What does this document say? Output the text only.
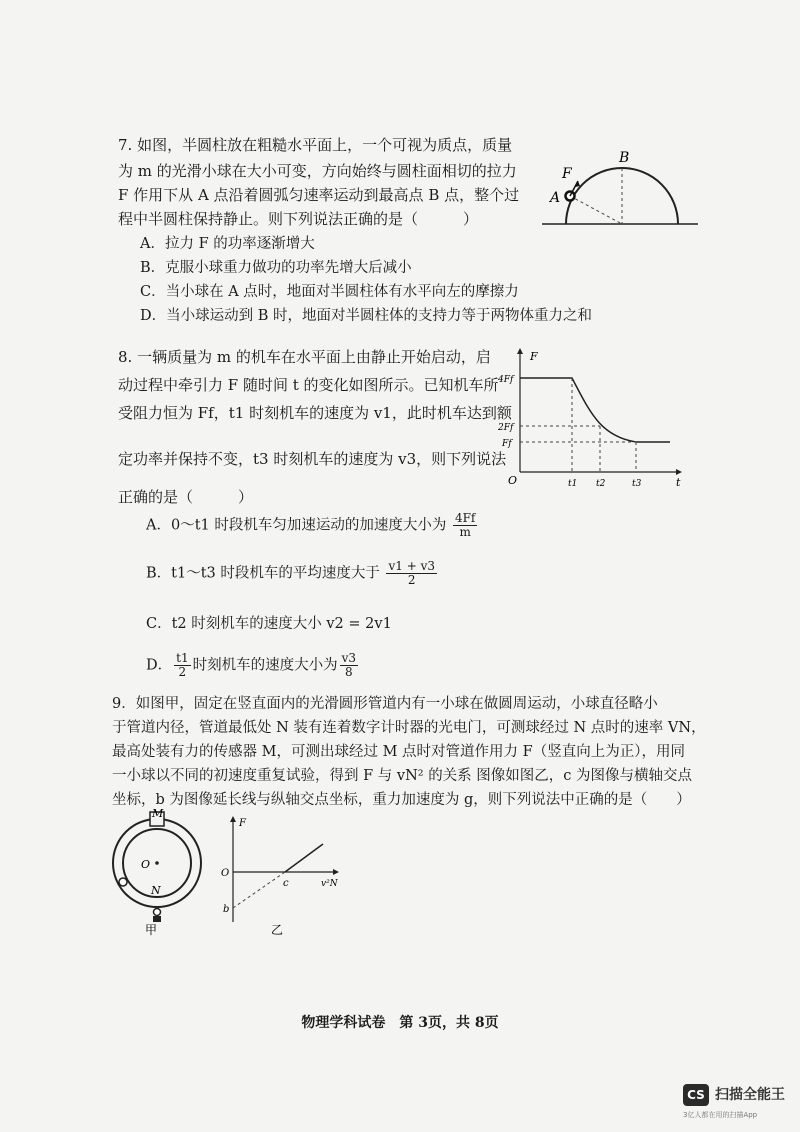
7. 如图，半圆柱放在粗糙水平面上，一个可视为质点，质量
为 m 的光滑小球在大小可变，方向始终与圆柱面相切的拉力
F 作用下从 A 点沿着圆弧匀速率运动到最高点 B 点，整个过
程中半圆柱保持静止。则下列说法正确的是（　　　）
A．拉力 F 的功率逐渐增大
B．克服小球重力做功的功率先增大后减小
C．当小球在 A 点时，地面对半圆柱体有水平向左的摩擦力
D．当小球运动到 B 时，地面对半圆柱体的支持力等于两物体重力之和
F
A
B
8. 一辆质量为 m 的机车在水平面上由静止开始启动，启
动过程中牵引力 F 随时间 t 的变化如图所示。已知机车所
受阻力恒为 Ff，t1 时刻机车的速度为 v1，此时机车达到额
定功率并保持不变，t3 时刻机车的速度为 v3，则下列说法
正确的是（　　　）
A．0～t1 时段机车匀加速运动的加速度大小为 $\frac{4Ff}{m}$
B．t1～t3 时段机车的平均速度大于 $\frac{v1 + v3}{2}$
C．t2 时刻机车的速度大小 v2 = 2v1
D． $\frac{t1}{2}$ 时刻机车的速度大小为 $\frac{v3}{8}$
F
t
O
4Ff
2Ff
Ff
t1 t2	t3
9．如图甲，固定在竖直面内的光滑圆形管道内有一小球在做圆周运动，小球直径略小
于管道内径，管道最低处 N 装有连着数字计时器的光电门，可测球经过 N 点时的速率 VN，
最高处装有力的传感器 M，可测出球经过 M 点时对管道作用力 F（竖直向上为正），用同
一小球以不同的初速度重复试验，得到 F 与 vN² 的关系 图像如图乙，c 为图像与横轴交点
坐标，b 为图像延长线与纵轴交点坐标，重力加速度为 g，则下列说法中正确的是（　　）
M
O
N
甲
F
O
c
b
v²N
乙
物理学科试卷　第 3页，共 8页
CS 扫描全能王
3亿人都在用的扫描App
